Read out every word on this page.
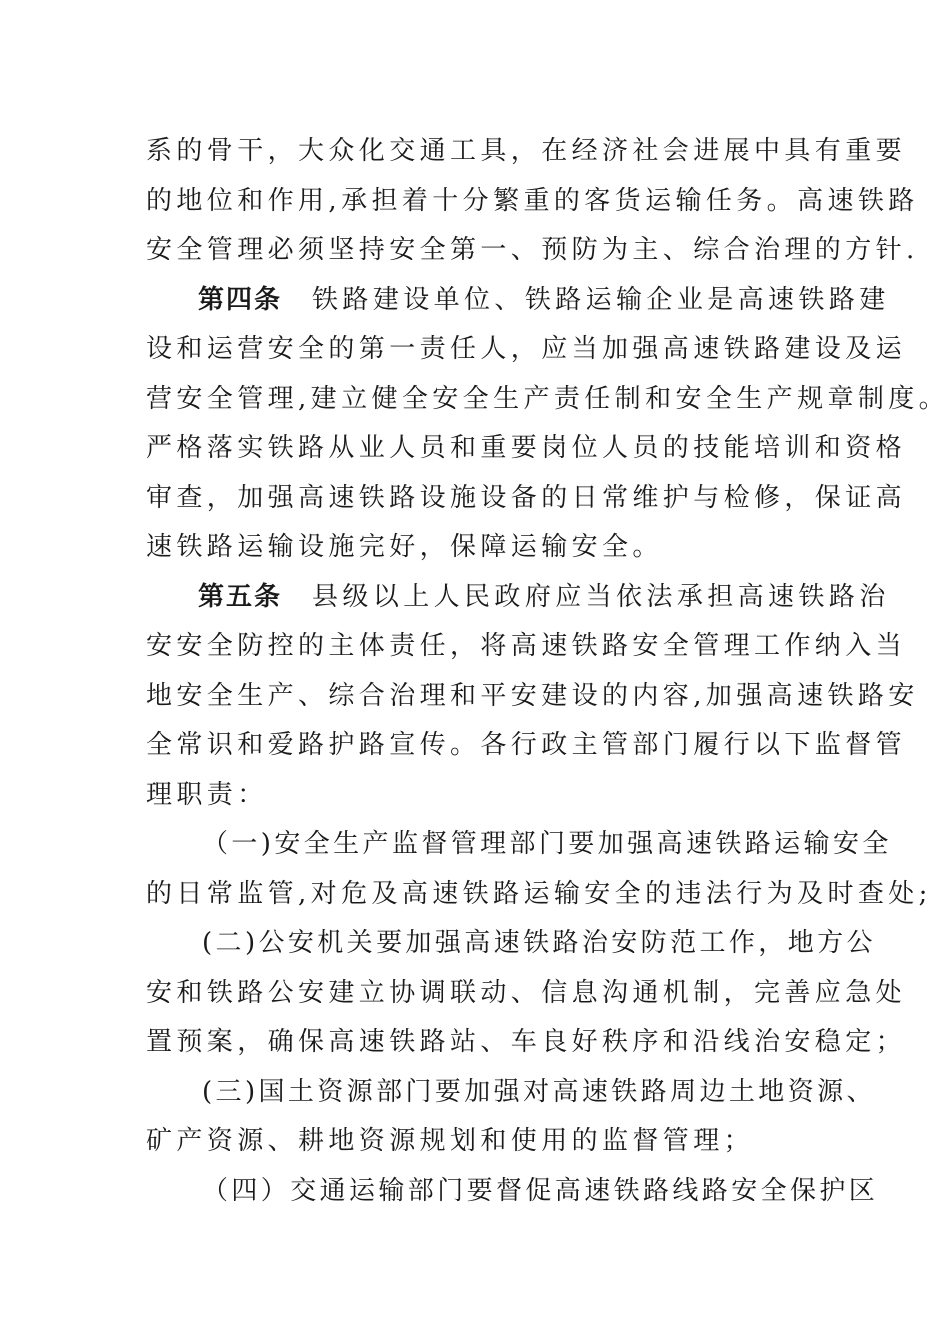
系的骨干，大众化交通工具，在经济社会进展中具有重要
的地位和作用,承担着十分繁重的客货运输任务。高速铁路
安全管理必须坚持安全第一、预防为主、综合治理的方针.
第四条 铁路建设单位、铁路运输企业是高速铁路建
设和运营安全的第一责任人，应当加强高速铁路建设及运
营安全管理,建立健全安全生产责任制和安全生产规章制度。
严格落实铁路从业人员和重要岗位人员的技能培训和资格
审查，加强高速铁路设施设备的日常维护与检修，保证高
速铁路运输设施完好，保障运输安全。
第五条 县级以上人民政府应当依法承担高速铁路治
安安全防控的主体责任，将高速铁路安全管理工作纳入当
地安全生产、综合治理和平安建设的内容,加强高速铁路安
全常识和爱路护路宣传。各行政主管部门履行以下监督管
理职责：
（一)安全生产监督管理部门要加强高速铁路运输安全
的日常监管,对危及高速铁路运输安全的违法行为及时查处;
(二)公安机关要加强高速铁路治安防范工作，地方公
安和铁路公安建立协调联动、信息沟通机制，完善应急处
置预案，确保高速铁路站、车良好秩序和沿线治安稳定；
(三)国土资源部门要加强对高速铁路周边土地资源、
矿产资源、耕地资源规划和使用的监督管理；
（四）交通运输部门要督促高速铁路线路安全保护区
